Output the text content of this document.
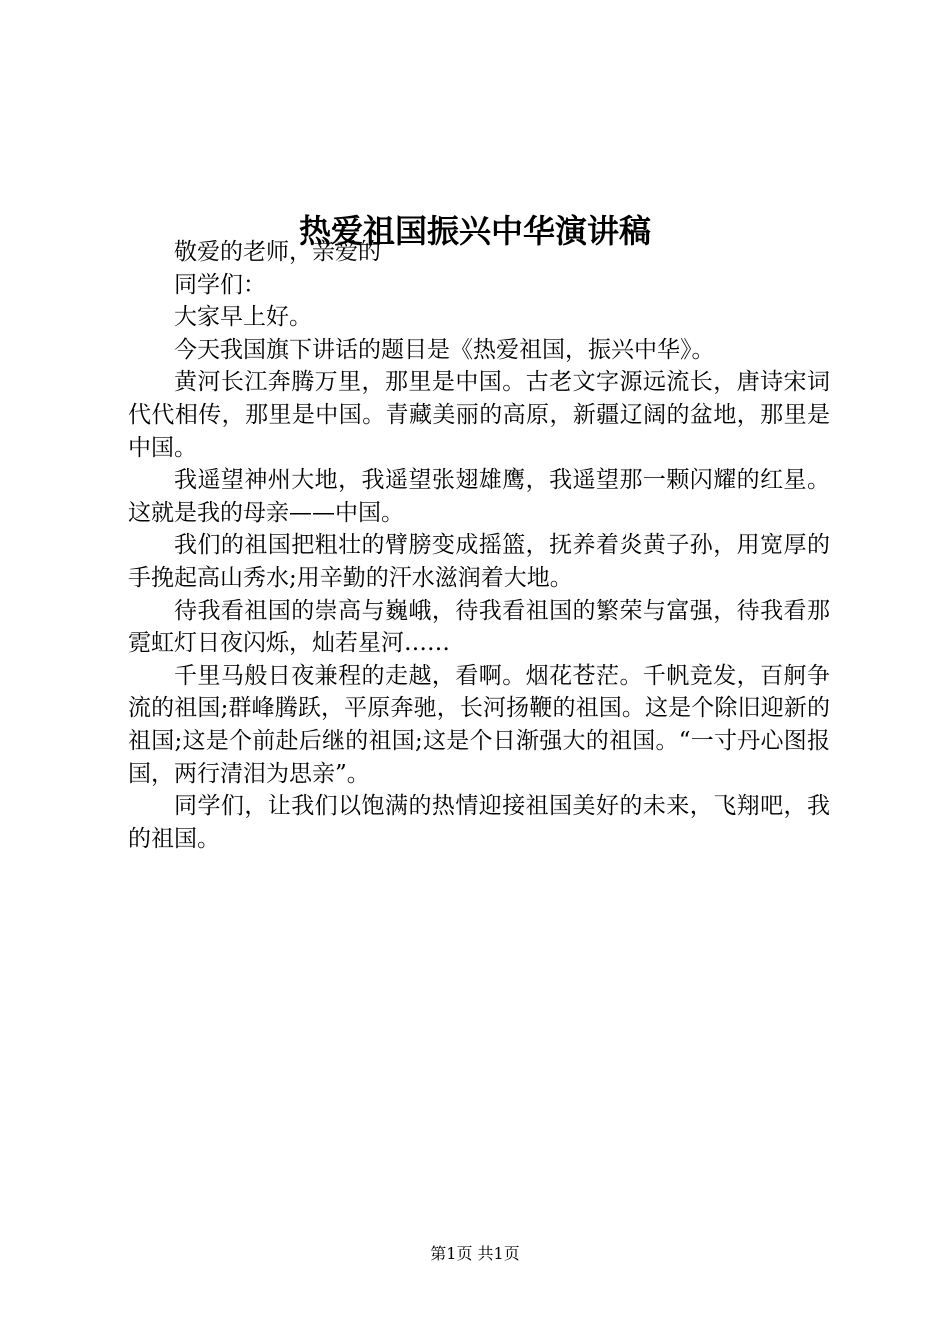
热爱祖国振兴中华演讲稿

敬爱的老师，亲爱的

同学们：

大家早上好。

今天我国旗下讲话的题目是《热爱祖国，振兴中华》。

黄河长江奔腾万里，那里是中国。古老文字源远流长，唐诗宋词代代相传，那里是中国。青藏美丽的高原，新疆辽阔的盆地，那里是中国。

我遥望神州大地，我遥望张翅雄鹰，我遥望那一颗闪耀的红星。这就是我的母亲——中国。

我们的祖国把粗壮的臂膀变成摇篮，抚养着炎黄子孙，用宽厚的手挽起高山秀水;用辛勤的汗水滋润着大地。

待我看祖国的崇高与巍峨，待我看祖国的繁荣与富强，待我看那霓虹灯日夜闪烁，灿若星河……

千里马般日夜兼程的走越，看啊。烟花苍茫。千帆竞发，百舸争流的祖国;群峰腾跃，平原奔驰，长河扬鞭的祖国。这是个除旧迎新的祖国;这是个前赴后继的祖国;这是个日渐强大的祖国。“一寸丹心图报国，两行清泪为思亲”。

同学们，让我们以饱满的热情迎接祖国美好的未来，飞翔吧，我的祖国。

第1页 共1页
